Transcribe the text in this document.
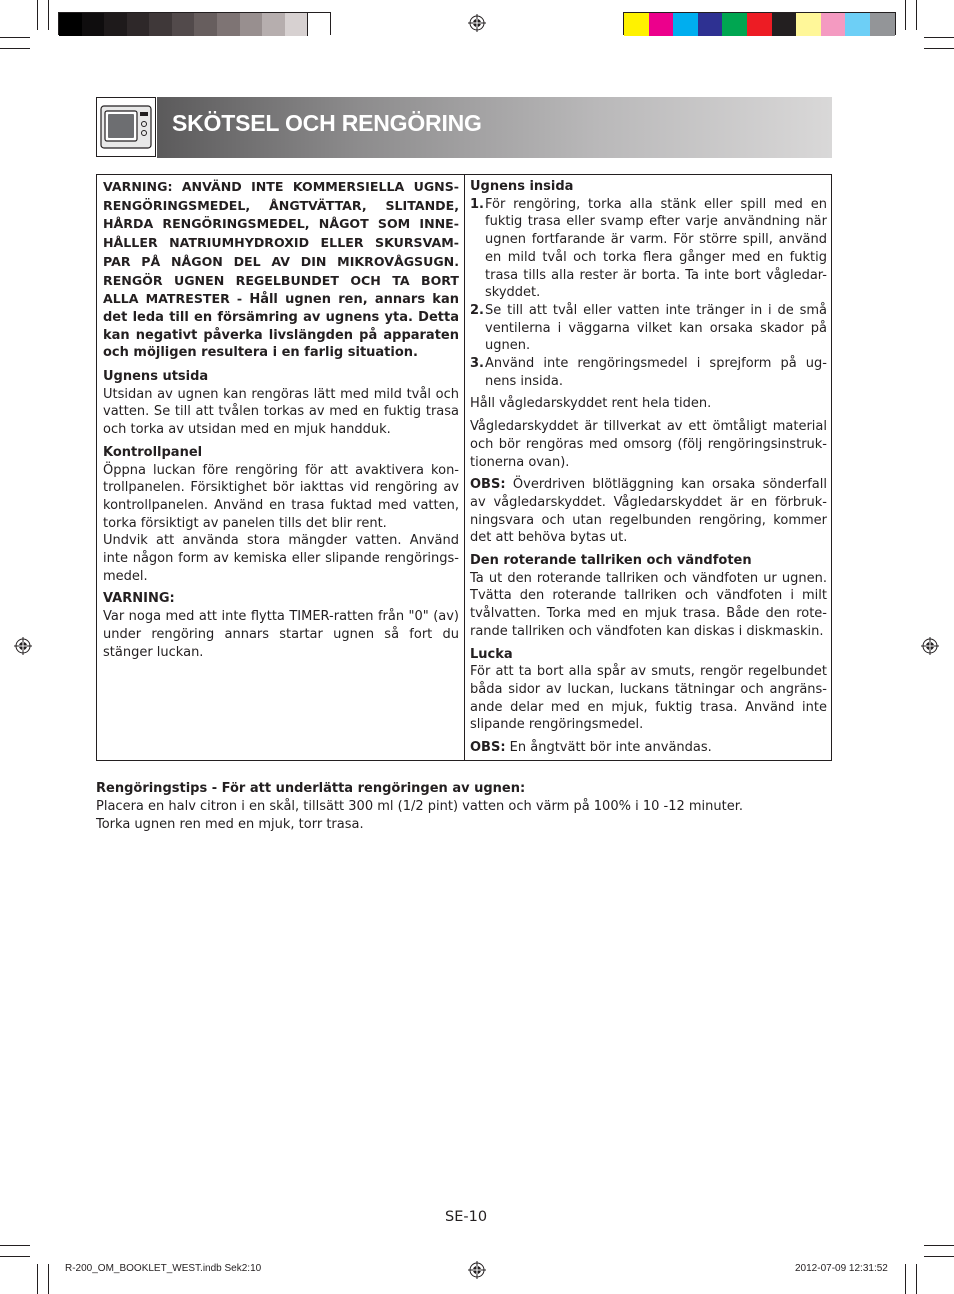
SKÖTSEL OCH RENGÖRING

VARNING: ANVÄND INTE KOMMERSIELLA UGNS- RENGÖRINGSMEDEL, ÅNGTVÄTTAR, SLITANDE, HÅRDA RENGÖRINGSMEDEL, NÅGOT SOM INNE- HÅLLER NATRIUMHYDROXID ELLER SKURSVAM- PAR PÅ NÅGON DEL AV DIN MIKROVÅGSUGN. RENGÖR UGNEN REGELBUNDET OCH TA BORT ALLA MATRESTER - Håll ugnen ren, annars kan det leda till en försämring av ugnens yta. Detta kan negativt påverka livslängden på apparaten och möjligen resultera i en farlig situation.

Ugnens utsida

Utsidan av ugnen kan rengöras lätt med mild tvål och vatten. Se till att tvålen torkas av med en fuktig trasa och torka av utsidan med en mjuk handduk.

Kontrollpanel

Öppna luckan före rengöring för att avaktivera kon- trollpanelen. Försiktighet bör iakttas vid rengöring av kontrollpanelen. Använd en trasa fuktad med vatten, torka försiktigt av panelen tills det blir rent.

Undvik att använda stora mängder vatten. Använd inte någon form av kemiska eller slipande rengörings- medel.

VARNING:

Var noga med att inte flytta TIMER-ratten från "0" (av) under rengöring annars startar ugnen så fort du stänger luckan.

Ugnens insida

1. För rengöring, torka alla stänk eller spill med en fuktig trasa eller svamp efter varje användning när ugnen fortfarande är varm. För större spill, använd en mild tvål och torka flera gånger med en fuktig trasa tills alla rester är borta. Ta inte bort vågledar- skyddet.

2. Se till att tvål eller vatten inte tränger in i de små ventilerna i väggarna vilket kan orsaka skador på ugnen.

3. Använd inte rengöringsmedel i sprejform på ug- nens insida.

Håll vågledarskyddet rent hela tiden.

Vågledarskyddet är tillverkat av ett ömtåligt material och bör rengöras med omsorg (följ rengöringsinstruk- tionerna ovan).

OBS: Överdriven blötläggning kan orsaka sönderfall av vågledarskyddet. Vågledarskyddet är en förbruk- ningsvara och utan regelbunden rengöring, kommer det att behöva bytas ut.

Den roterande tallriken och vändfoten

Ta ut den roterande tallriken och vändfoten ur ugnen. Tvätta den roterande tallriken och vändfoten i milt tvålvatten. Torka med en mjuk trasa. Både den rote- rande tallriken och vändfoten kan diskas i diskmaskin.

Lucka

För att ta bort alla spår av smuts, rengör regelbundet båda sidor av luckan, luckans tätningar och angräns- ande delar med en mjuk, fuktig trasa. Använd inte slipande rengöringsmedel.

OBS: En ångtvätt bör inte användas.

Rengöringstips - För att underlätta rengöringen av ugnen:

Placera en halv citron i en skål, tillsätt 300 ml (1/2 pint) vatten och värm på 100% i 10 -12 minuter.

Torka ugnen ren med en mjuk, torr trasa.

SE-10
R-200_OM_BOOKLET_WEST.indb Sek2:10	2012-07-09 12:31:52
